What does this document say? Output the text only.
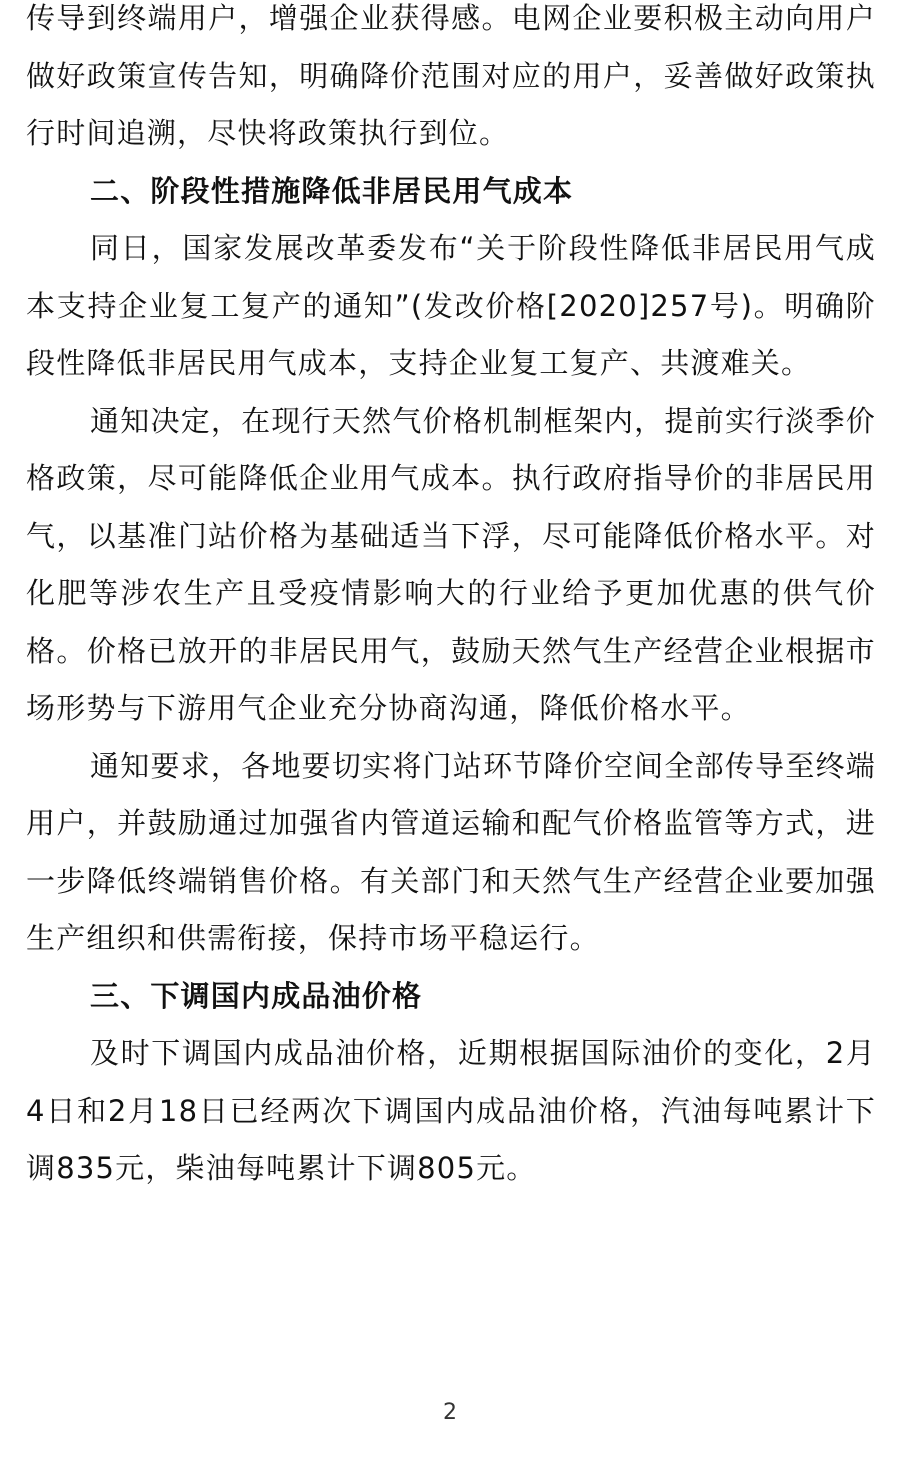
传导到终端用户，增强企业获得感。电网企业要积极主动向用户做好政策宣传告知，明确降价范围对应的用户，妥善做好政策执行时间追溯，尽快将政策执行到位。

二、阶段性措施降低非居民用气成本

同日，国家发展改革委发布“关于阶段性降低非居民用气成本支持企业复工复产的通知”(发改价格[2020]257号)。明确阶段性降低非居民用气成本，支持企业复工复产、共渡难关。

通知决定，在现行天然气价格机制框架内，提前实行淡季价格政策，尽可能降低企业用气成本。执行政府指导价的非居民用气，以基准门站价格为基础适当下浮，尽可能降低价格水平。对化肥等涉农生产且受疫情影响大的行业给予更加优惠的供气价格。价格已放开的非居民用气，鼓励天然气生产经营企业根据市场形势与下游用气企业充分协商沟通，降低价格水平。

通知要求，各地要切实将门站环节降价空间全部传导至终端用户，并鼓励通过加强省内管道运输和配气价格监管等方式，进一步降低终端销售价格。有关部门和天然气生产经营企业要加强生产组织和供需衔接，保持市场平稳运行。

三、下调国内成品油价格

及时下调国内成品油价格，近期根据国际油价的变化，2月4日和2月18日已经两次下调国内成品油价格，汽油每吨累计下调835元，柴油每吨累计下调805元。

2
